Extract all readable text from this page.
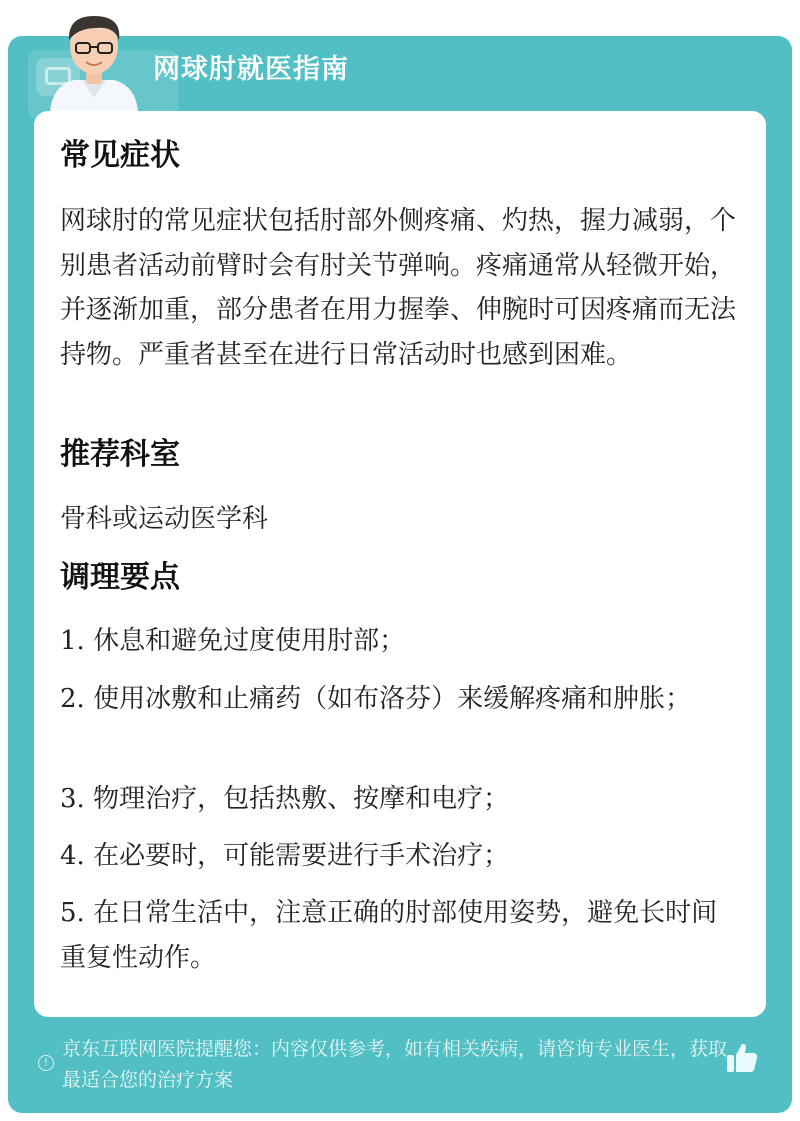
网球肘就医指南
常见症状
网球肘的常见症状包括肘部外侧疼痛、灼热，握力减弱，个别患者活动前臂时会有肘关节弹响。疼痛通常从轻微开始，并逐渐加重，部分患者在用力握拳、伸腕时可因疼痛而无法持物。严重者甚至在进行日常活动时也感到困难。
推荐科室
骨科或运动医学科
调理要点
1. 休息和避免过度使用肘部；
2. 使用冰敷和止痛药（如布洛芬）来缓解疼痛和肿胀；
3. 物理治疗，包括热敷、按摩和电疗；
4. 在必要时，可能需要进行手术治疗；
5. 在日常生活中，注意正确的肘部使用姿势，避免长时间重复性动作。
!
京东互联网医院提醒您：内容仅供参考，如有相关疾病，请咨询专业医生，获取最适合您的治疗方案
